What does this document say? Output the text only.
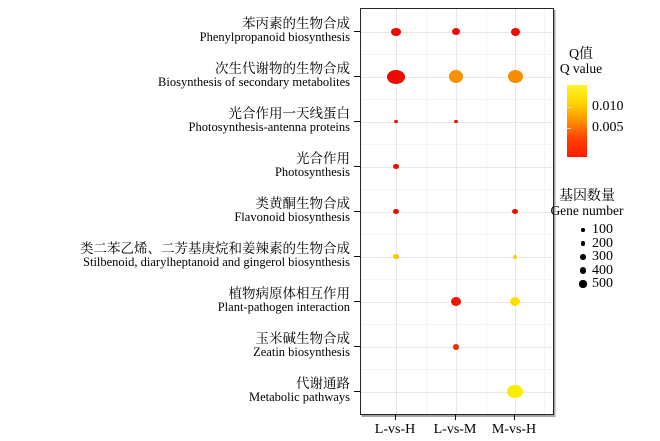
苯丙素的生物合成
Phenylpropanoid biosynthesis
次生代谢物的生物合成
Biosynthesis of secondary metabolites
光合作用一天线蛋白
Photosynthesis-antenna proteins
光合作用
Photosynthesis
类黄酮生物合成
Flavonoid biosynthesis
类二苯乙烯、二芳基庚烷和姜辣素的生物合成
Stilbenoid, diarylheptanoid and gingerol biosynthesis
植物病原体相互作用
Plant-pathogen interaction
玉米碱生物合成
Zeatin biosynthesis
代谢通路
Metabolic pathways
Q值
Q value
基因数量
Gene number
L-vs-H	L-vs-M	M-vs-H
0.010
0.005
100
200
300
400
500
